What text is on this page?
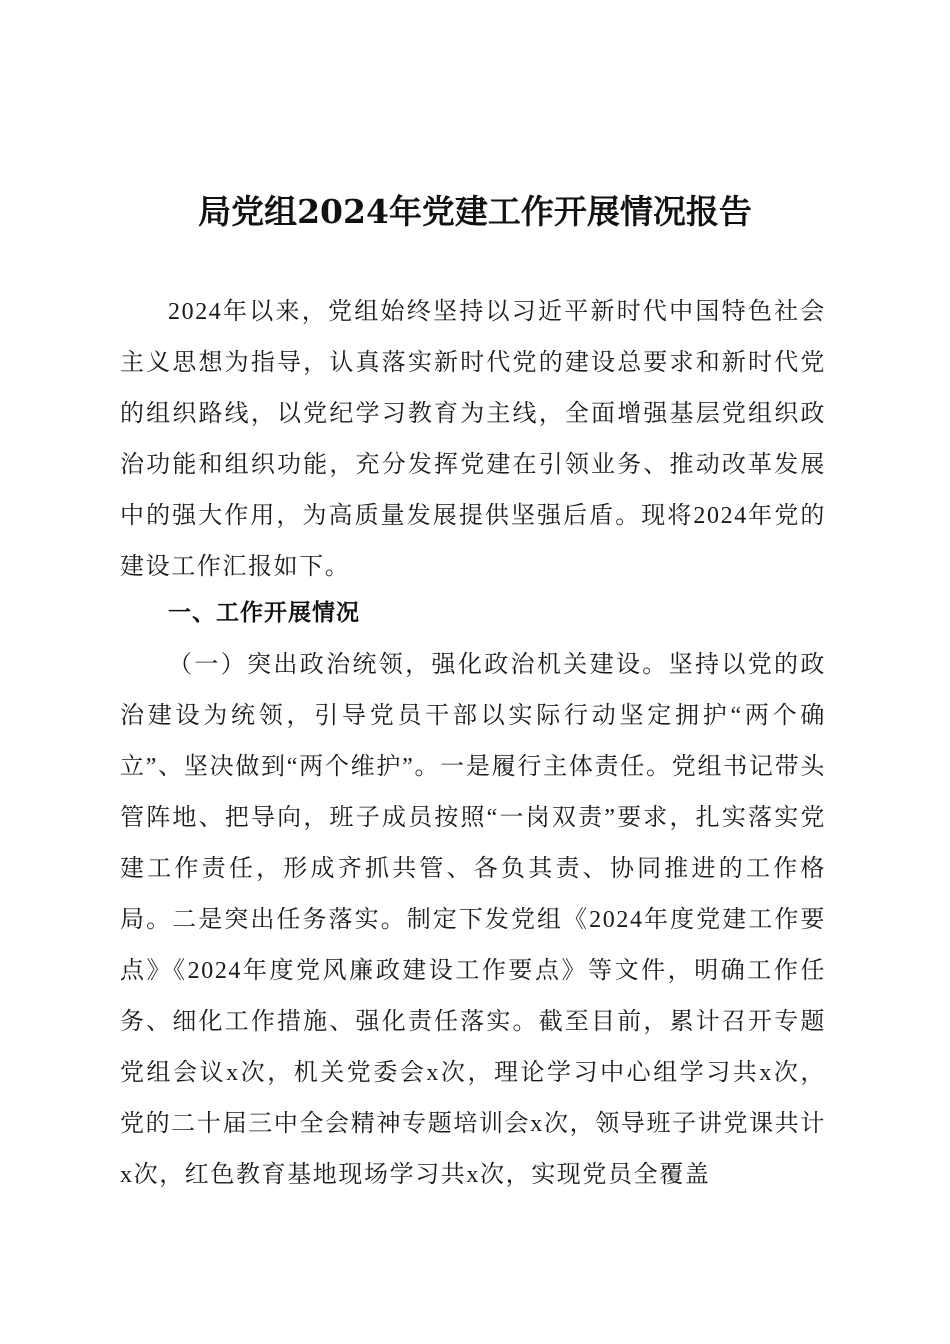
局党组2024年党建工作开展情况报告

2024年以来，党组始终坚持以习近平新时代中国特色社会主义思想为指导，认真落实新时代党的建设总要求和新时代党的组织路线，以党纪学习教育为主线，全面增强基层党组织政治功能和组织功能，充分发挥党建在引领业务、推动改革发展中的强大作用，为高质量发展提供坚强后盾。现将2024年党的建设工作汇报如下。

一、工作开展情况

（一）突出政治统领，强化政治机关建设。坚持以党的政治建设为统领，引导党员干部以实际行动坚定拥护“两个确立”、坚决做到“两个维护”。一是履行主体责任。党组书记带头管阵地、把导向，班子成员按照“一岗双责”要求，扎实落实党建工作责任，形成齐抓共管、各负其责、协同推进的工作格局。二是突出任务落实。制定下发党组《2024年度党建工作要点》《2024年度党风廉政建设工作要点》等文件，明确工作任务、细化工作措施、强化责任落实。截至目前，累计召开专题党组会议x次，机关党委会x次，理论学习中心组学习共x次，党的二十届三中全会精神专题培训会x次，领导班子讲党课共计x次，红色教育基地现场学习共x次，实现党员全覆盖
